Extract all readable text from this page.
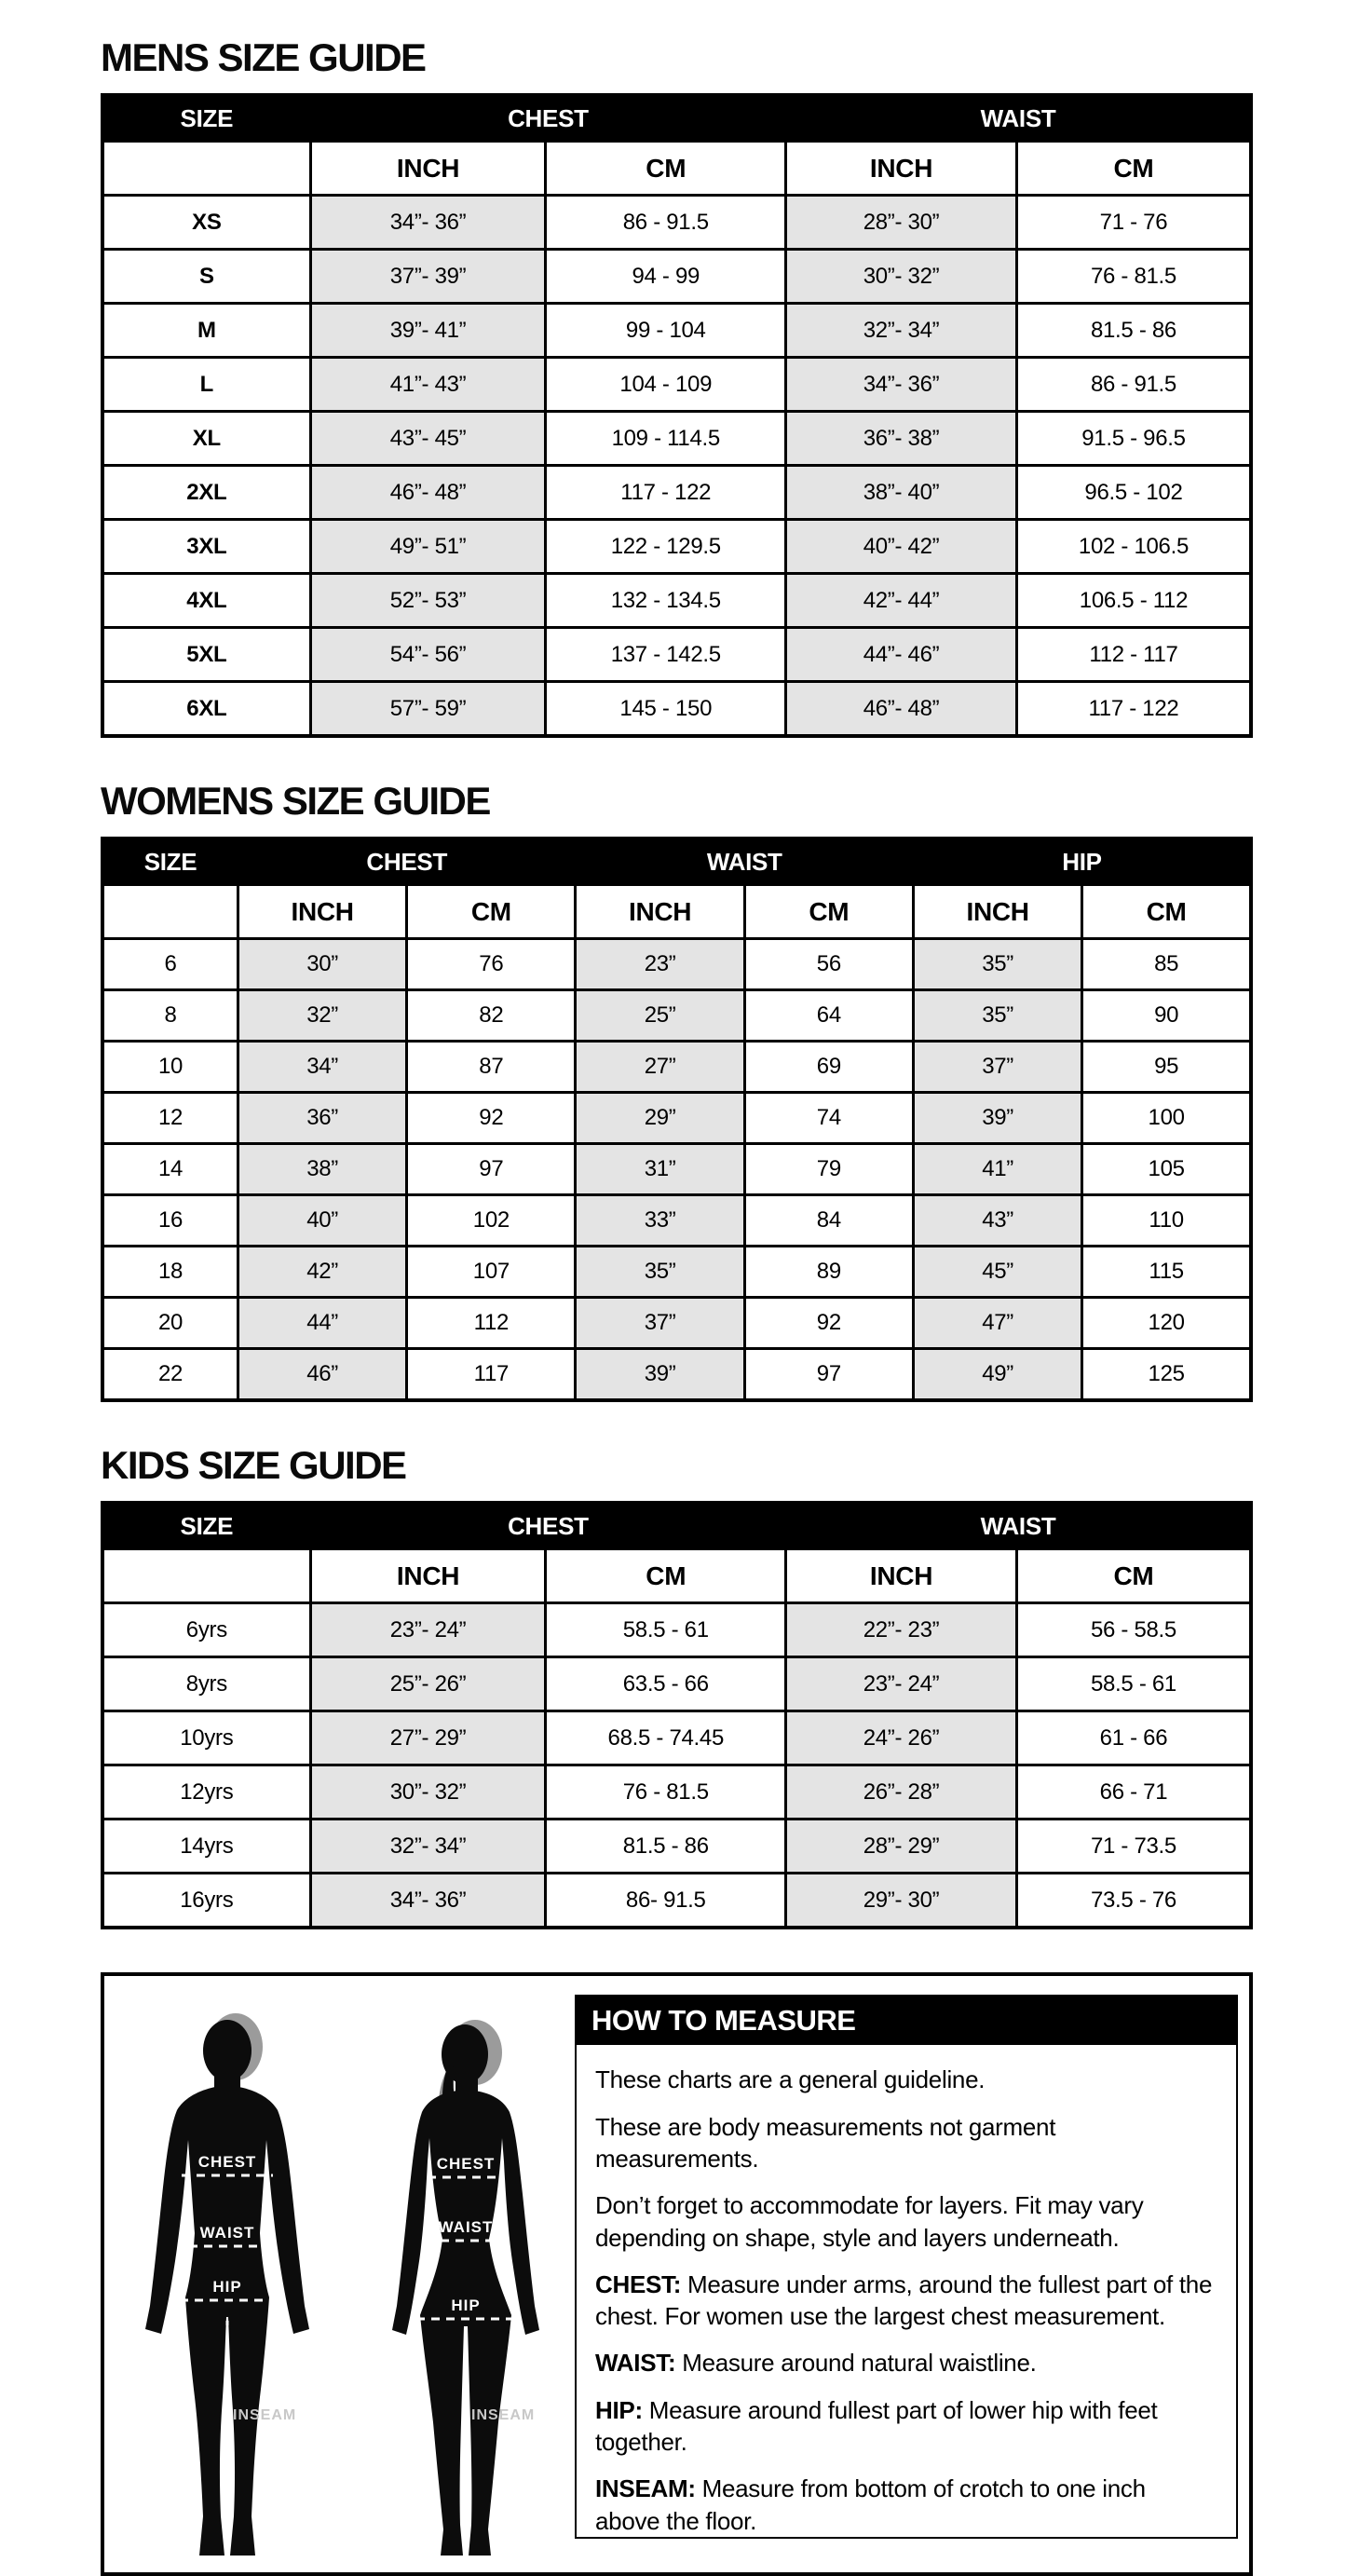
MENS SIZE GUIDE
SIZE	CHEST		WAIST	
	INCH	CM	INCH	CM
XS	34”- 36”	86 - 91.5	28”- 30”	71 - 76
S	37”- 39”	94 - 99	30”- 32”	76 - 81.5
M	39”- 41”	99 - 104	32”- 34”	81.5 - 86
L	41”- 43”	104 - 109	34”- 36”	86 - 91.5
XL	43”- 45”	109 - 114.5	36”- 38”	91.5 - 96.5
2XL	46”- 48”	117 - 122	38”- 40”	96.5 - 102
3XL	49”- 51”	122 - 129.5	40”- 42”	102 - 106.5
4XL	52”- 53”	132 - 134.5	42”- 44”	106.5 - 112
5XL	54”- 56”	137 - 142.5	44”- 46”	112 - 117
6XL	57”- 59”	145 - 150	46”- 48”	117 - 122
WOMENS SIZE GUIDE
SIZE	CHEST		WAIST		HIP	
	INCH	CM	INCH	CM	INCH	CM
6	30”	76	23”	56	35”	85
8	32”	82	25”	64	35”	90
10	34”	87	27”	69	37”	95
12	36”	92	29”	74	39”	100
14	38”	97	31”	79	41”	105
16	40”	102	33”	84	43”	110
18	42”	107	35”	89	45”	115
20	44”	112	37”	92	47”	120
22	46”	117	39”	97	49”	125
KIDS SIZE GUIDE
SIZE	CHEST		WAIST	
	INCH	CM	INCH	CM
6yrs	23”- 24”	58.5 - 61	22”- 23”	56 - 58.5
8yrs	25”- 26”	63.5 - 66	23”- 24”	58.5 - 61
10yrs	27”- 29”	68.5 - 74.45	24”- 26”	61 - 66
12yrs	30”- 32”	76 - 81.5	26”- 28”	66 - 71
14yrs	32”- 34”	81.5 - 86	28”- 29”	71 - 73.5
16yrs	34”- 36”	86- 91.5	29”- 30”	73.5 - 76
CHEST
WAIST
HIP
INSEAM
CHEST
WAIST
HIP
INSEAM
HOW TO MEASURE

These charts are a general guideline.

These are body measurements not garment measurements.

Don’t forget to accommodate for layers. Fit may vary depending on shape, style and layers underneath.

CHEST: Measure under arms, around the fullest part of the chest. For women use the largest chest measurement.

WAIST: Measure around natural waistline.

HIP: Measure around fullest part of lower hip with feet together.

INSEAM: Measure from bottom of crotch to one inch above the floor.
